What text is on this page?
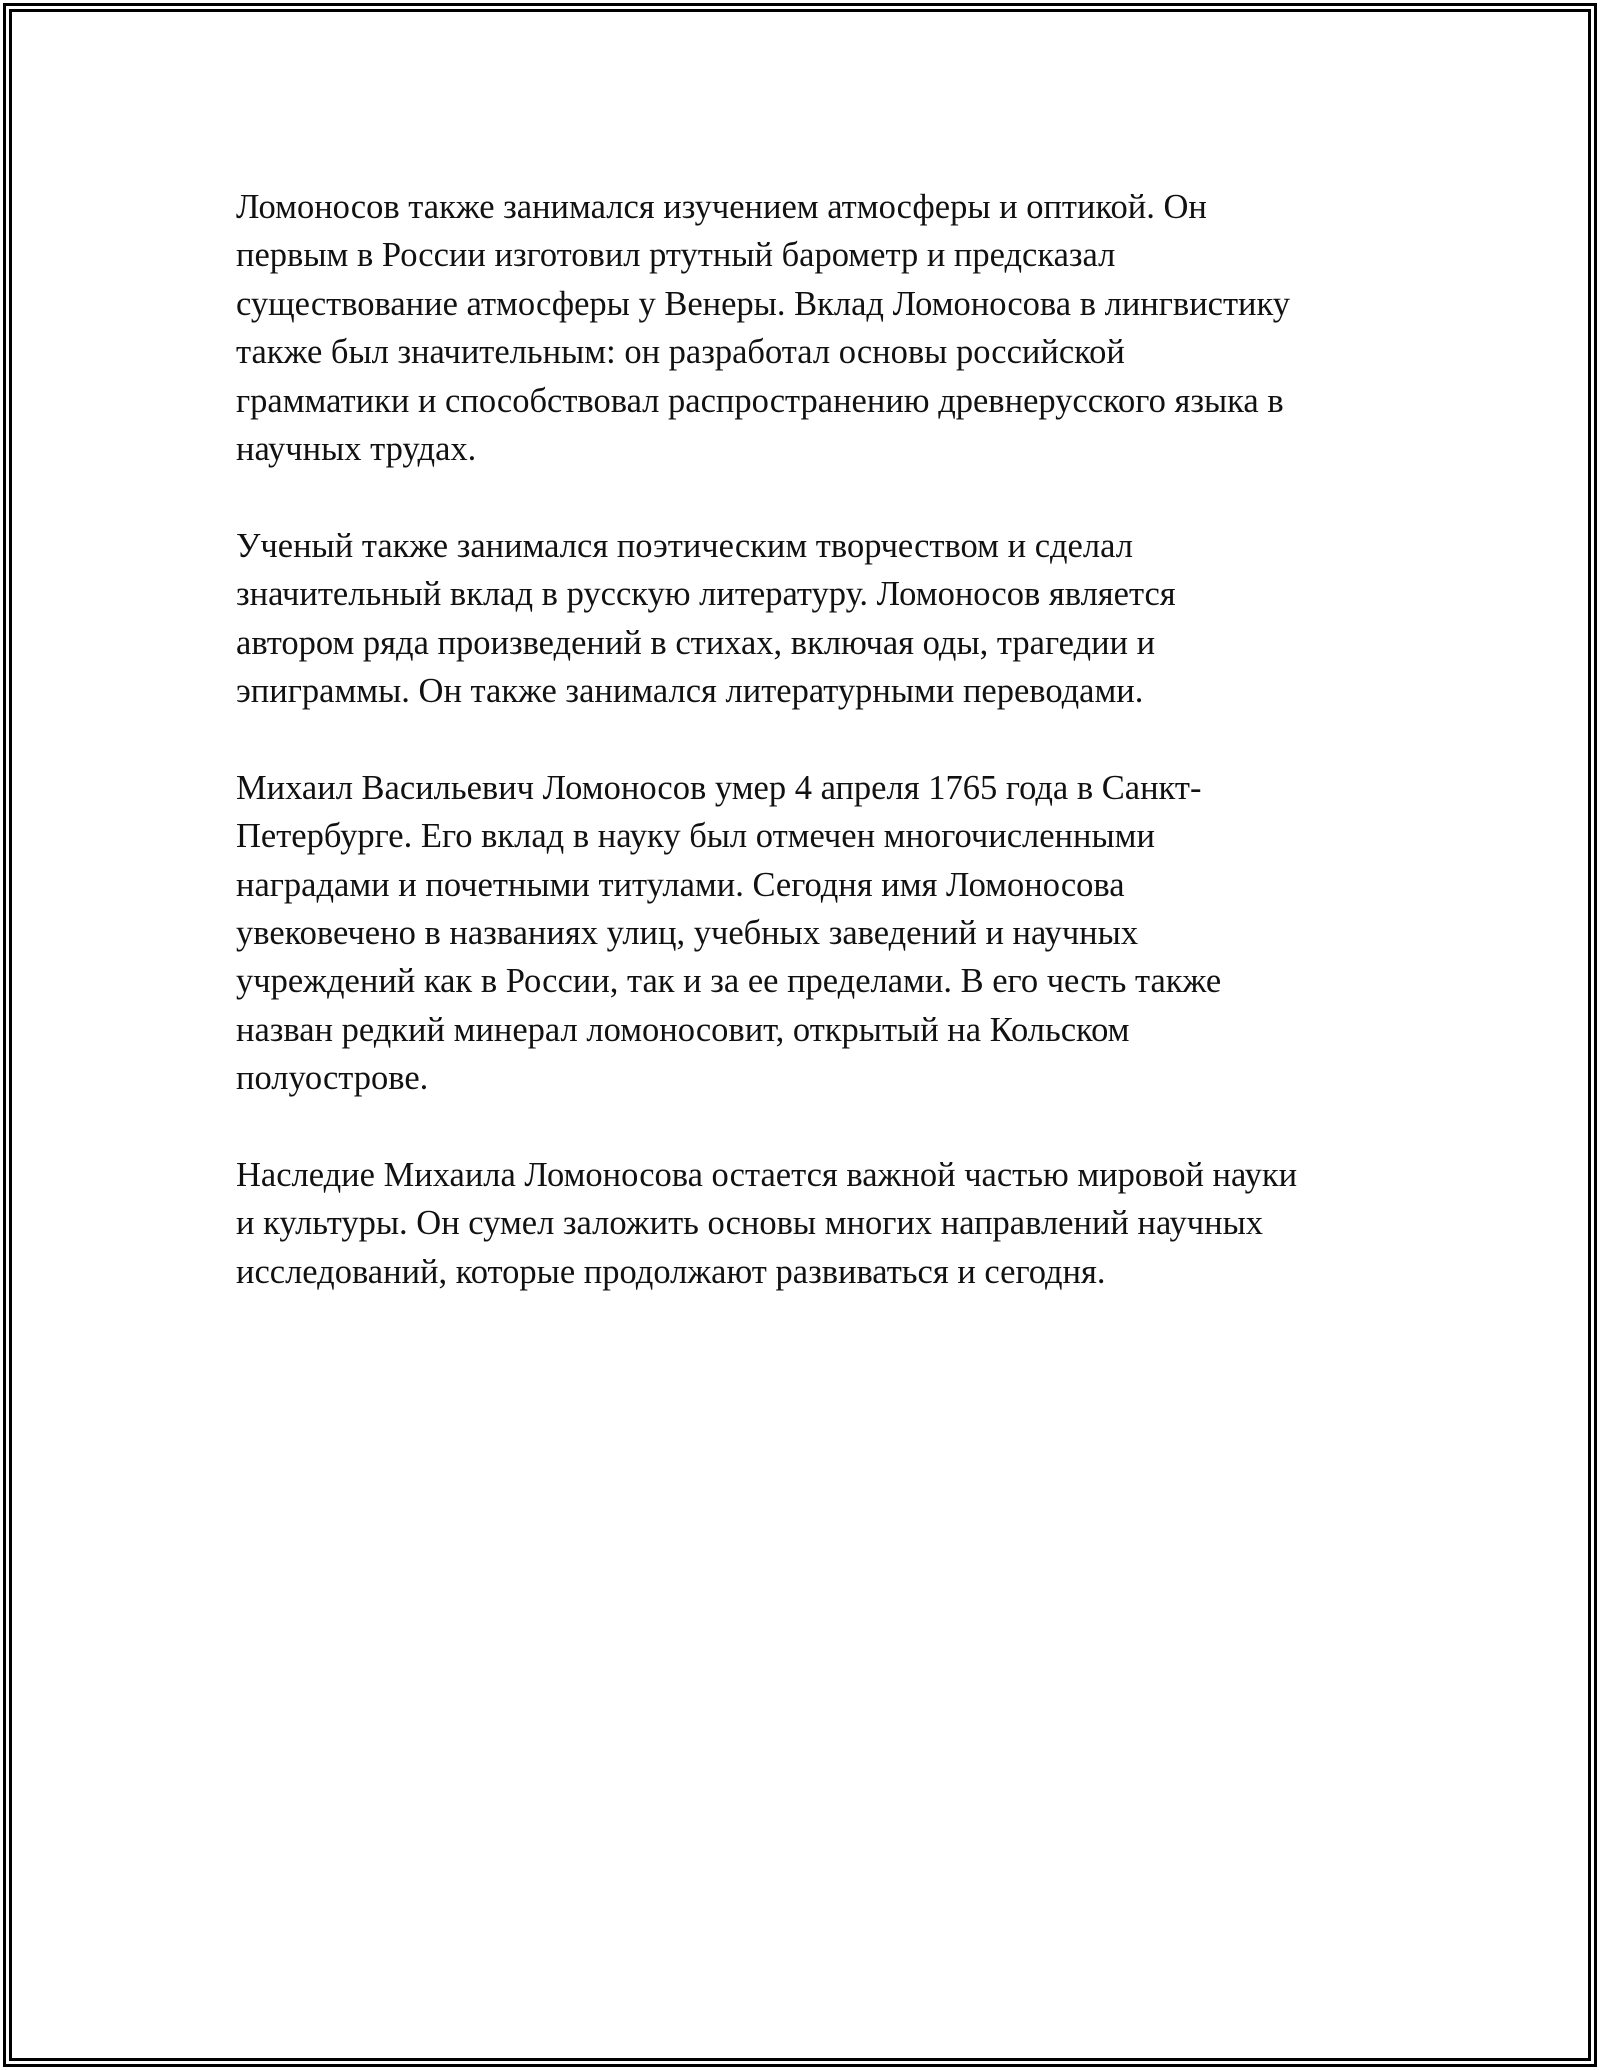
Ломоносов также занимался изучением атмосферы и оптикой. Он
первым в России изготовил ртутный барометр и предсказал
существование атмосферы у Венеры. Вклад Ломоносова в лингвистику
также был значительным: он разработал основы российской
грамматики и способствовал распространению древнерусского языка в
научных трудах.

Ученый также занимался поэтическим творчеством и сделал
значительный вклад в русскую литературу. Ломоносов является
автором ряда произведений в стихах, включая оды, трагедии и
эпиграммы. Он также занимался литературными переводами.

Михаил Васильевич Ломоносов умер 4 апреля 1765 года в Санкт-
Петербурге. Его вклад в науку был отмечен многочисленными
наградами и почетными титулами. Сегодня имя Ломоносова
увековечено в названиях улиц, учебных заведений и научных
учреждений как в России, так и за ее пределами. В его честь также
назван редкий минерал ломоносовит, открытый на Кольском
полуострове.

Наследие Михаила Ломоносова остается важной частью мировой науки
и культуры. Он сумел заложить основы многих направлений научных
исследований, которые продолжают развиваться и сегодня.
